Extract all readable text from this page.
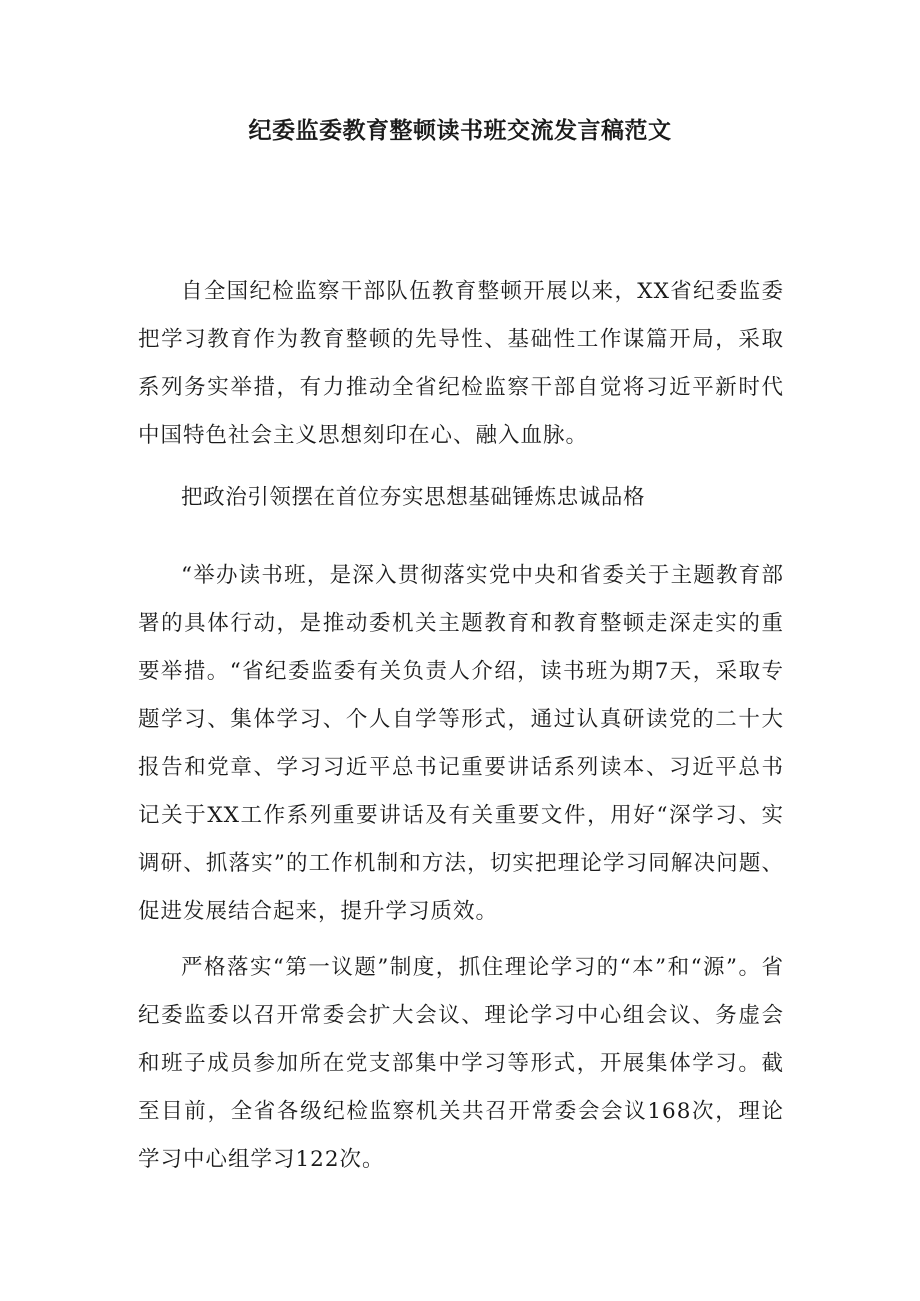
纪委监委教育整顿读书班交流发言稿范文

自全国纪检监察干部队伍教育整顿开展以来，XX省纪委监委把学习教育作为教育整顿的先导性、基础性工作谋篇开局，采取系列务实举措，有力推动全省纪检监察干部自觉将习近平新时代中国特色社会主义思想刻印在心、融入血脉。

把政治引领摆在首位夯实思想基础锤炼忠诚品格

“举办读书班，是深入贯彻落实党中央和省委关于主题教育部署的具体行动，是推动委机关主题教育和教育整顿走深走实的重要举措。“省纪委监委有关负责人介绍，读书班为期7天，采取专题学习、集体学习、个人自学等形式，通过认真研读党的二十大报告和党章、学习习近平总书记重要讲话系列读本、习近平总书记关于XX工作系列重要讲话及有关重要文件，用好“深学习、实调研、抓落实”的工作机制和方法，切实把理论学习同解决问题、促进发展结合起来，提升学习质效。

严格落实“第一议题”制度，抓住理论学习的“本”和“源”。省纪委监委以召开常委会扩大会议、理论学习中心组会议、务虚会和班子成员参加所在党支部集中学习等形式，开展集体学习。截至目前，全省各级纪检监察机关共召开常委会会议168次，理论学习中心组学习122次。
